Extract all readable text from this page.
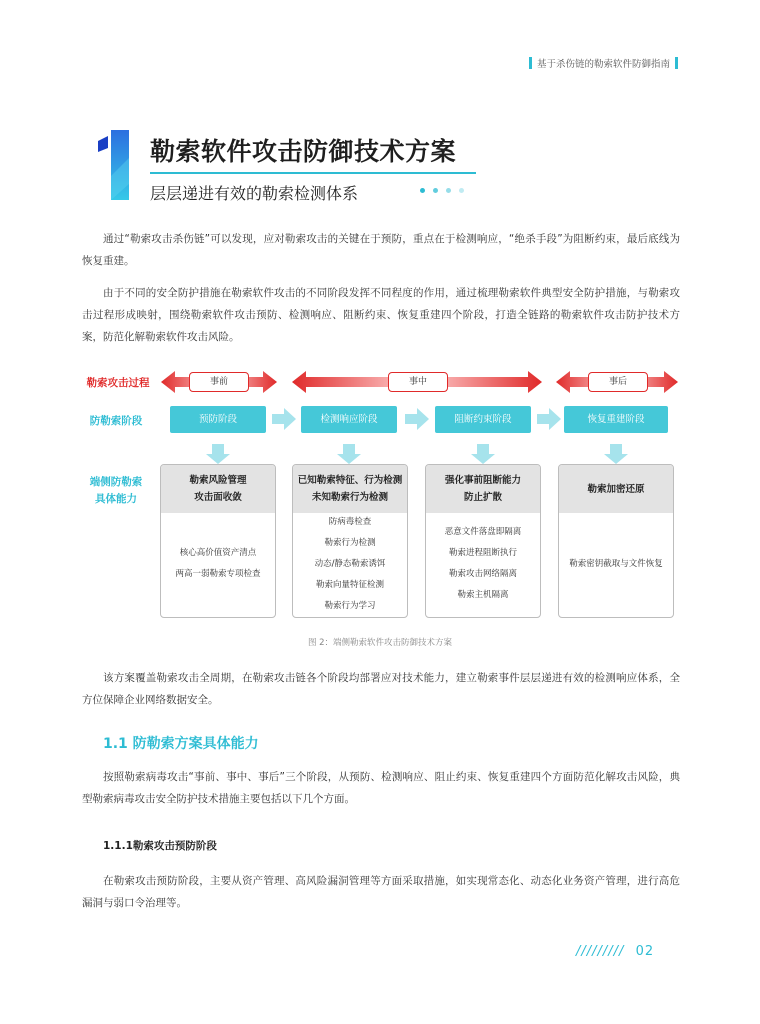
基于杀伤链的勒索软件防御指南
勒索软件攻击防御技术方案
层层递进有效的勒索检测体系

通过“勒索攻击杀伤链”可以发现，应对勒索攻击的关键在于预防，重点在于检测响应，“绝杀手段”为阻断约束，最后底线为恢复重建。

由于不同的安全防护措施在勒索软件攻击的不同阶段发挥不同程度的作用，通过梳理勒索软件典型安全防护措施，与勒索攻击过程形成映射，围绕勒索软件攻击预防、检测响应、阻断约束、恢复重建四个阶段，打造全链路的勒索软件攻击防护技术方案，防范化解勒索软件攻击风险。

勒索攻击过程	事前	事中	事后
防勒索阶段	预防阶段	检测响应阶段	阻断约束阶段	恢复重建阶段
端侧防勒索
具体能力
勒索风险管理
攻击面收敛
核心高价值资产清点
两高一弱勒索专项检查
已知勒索特征、行为检测
未知勒索行为检测
防病毒检查
勒索行为检测
动态/静态勒索诱饵
勒索向量特征检测
勒索行为学习
强化事前阻断能力
防止扩散
恶意文件落盘即隔离
勒索进程阻断执行
勒索攻击网络隔离
勒索主机隔离
勒索加密还原
勒索密钥截取与文件恢复
图 2：端侧勒索软件攻击防御技术方案

该方案覆盖勒索攻击全周期，在勒索攻击链各个阶段均部署应对技术能力，建立勒索事件层层递进有效的检测响应体系，全方位保障企业网络数据安全。

1.1 防勒索方案具体能力

按照勒索病毒攻击“事前、事中、事后”三个阶段，从预防、检测响应、阻止约束、恢复重建四个方面防范化解攻击风险，典型勒索病毒攻击安全防护技术措施主要包括以下几个方面。

1.1.1勒索攻击预防阶段

在勒索攻击预防阶段，主要从资产管理、高风险漏洞管理等方面采取措施，如实现常态化、动态化业务资产管理，进行高危漏洞与弱口令治理等。

///////// 02
